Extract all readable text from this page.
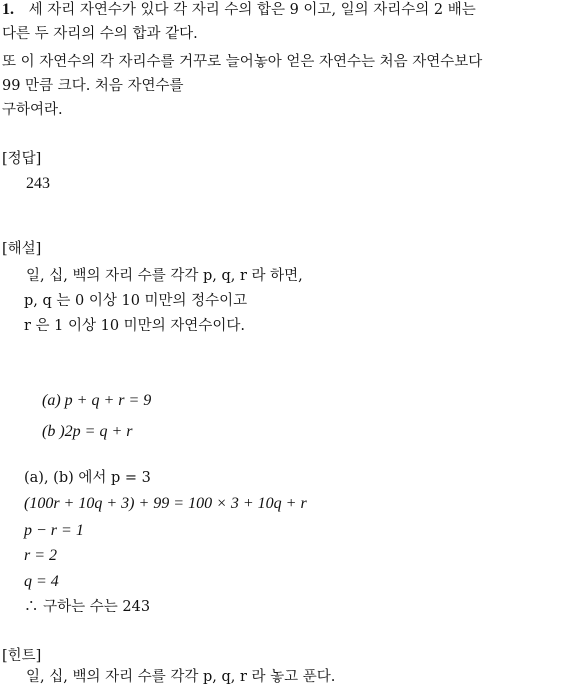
1. 세 자리 자연수가 있다 각 자리 수의 합은 9 이고, 일의 자리수의 2 배는
다른 두 자리의 수의 합과 같다.
또 이 자연수의 각 자리수를 거꾸로 늘어놓아 얻은 자연수는 처음 자연수보다
99 만큼 크다. 처음 자연수를
구하여라.
[정답]
243
[해설]
일, 십, 백의 자리 수를 각각 p, q, r 라 하면,
p, q 는 0 이상 10 미만의 정수이고
r 은 1 이상 10 미만의 자연수이다.
(a) p + q + r = 9
(b )2p = q + r
(a), (b) 에서 p = 3
(100r + 10q + 3) + 99 = 100 × 3 + 10q + r
p − r = 1
r = 2
q = 4
∴ 구하는 수는 243
[힌트]
일, 십, 백의 자리 수를 각각 p, q, r 라 놓고 푼다.
